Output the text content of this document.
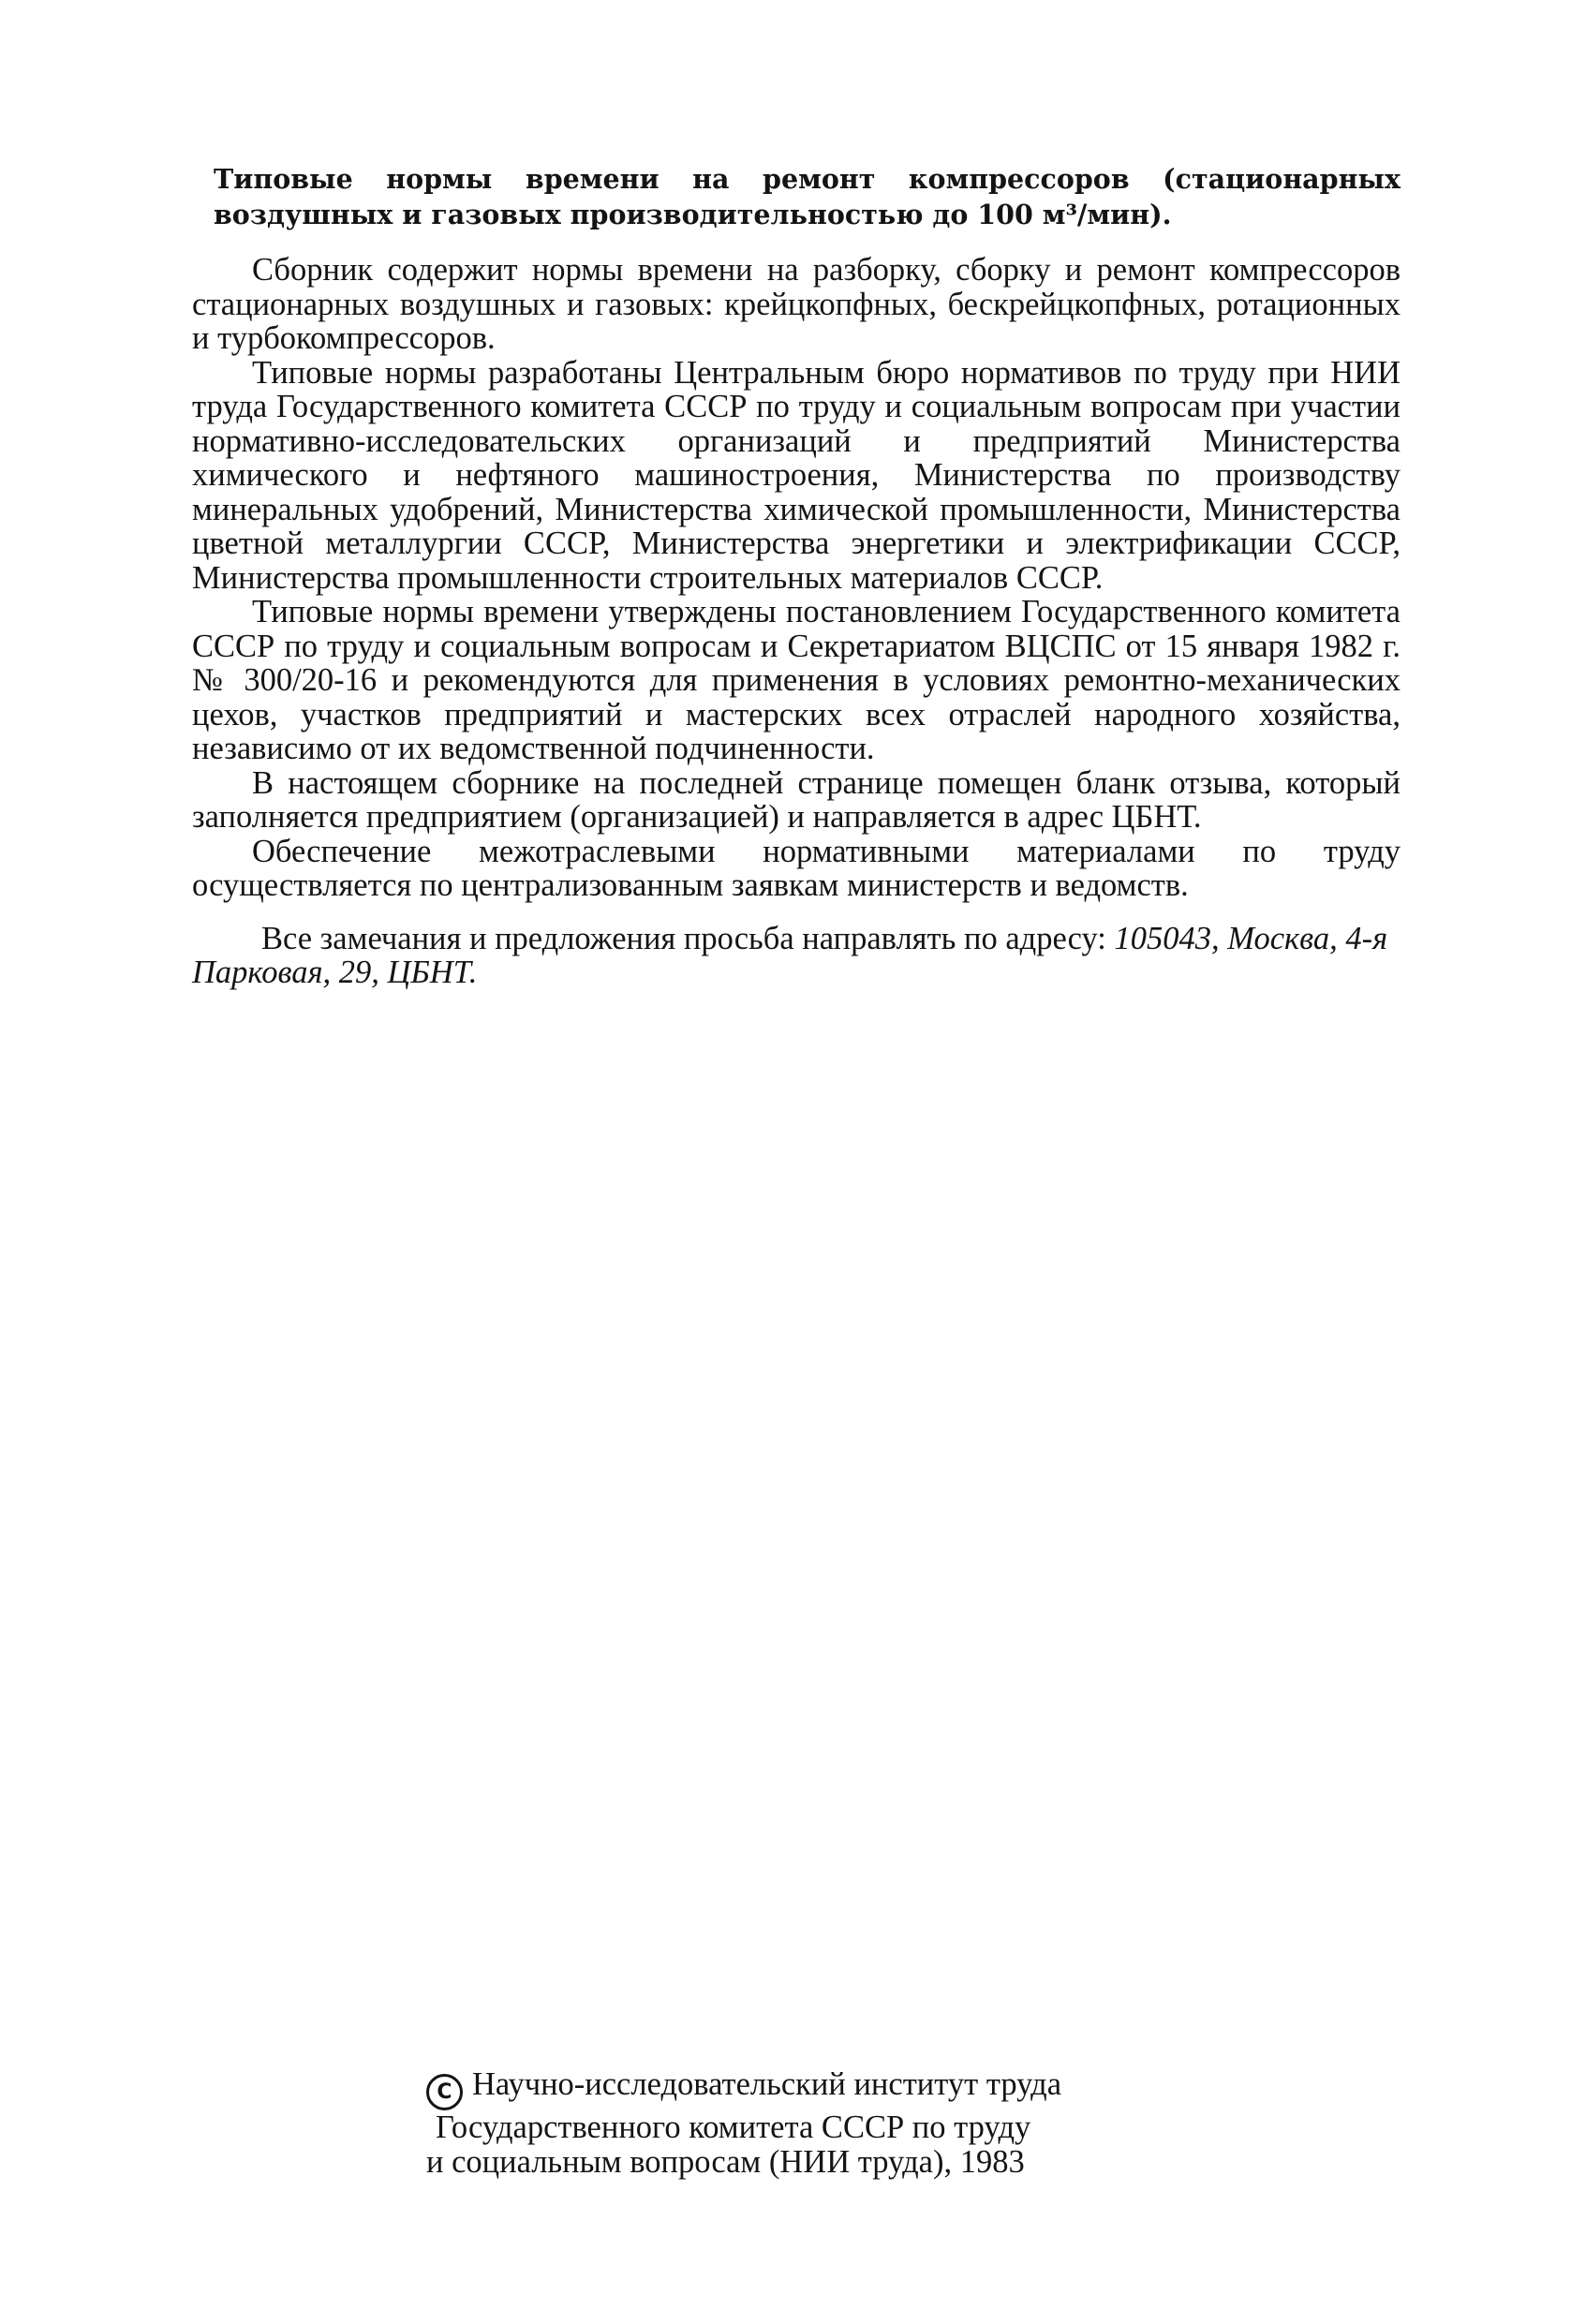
Типовые нормы времени на ремонт компрессоров (стационарных воздушных и газовых производительностью до 100 м³/мин).

Сборник содержит нормы времени на разборку, сборку и ремонт компрессоров стационарных воздушных и газовых: крейцкопфных, бескрейцкопфных, ротационных и турбокомпрессоров.

Типовые нормы разработаны Центральным бюро нормативов по труду при НИИ труда Государственного комитета СССР по труду и социальным вопросам при участии нормативно-исследовательских организаций и предприятий Министерства химического и нефтяного машиностроения, Министерства по производству минеральных удобрений, Министерства химической промышленности, Министерства цветной металлургии СССР, Министерства энергетики и электрификации СССР, Министерства промышленности строительных материалов СССР.

Типовые нормы времени утверждены постановлением Государственного комитета СССР по труду и социальным вопросам и Секретариатом ВЦСПС от 15 января 1982 г. № 300/20-16 и рекомендуются для применения в условиях ремонтно-механических цехов, участков предприятий и мастерских всех отраслей народного хозяйства, независимо от их ведомственной подчиненности.

В настоящем сборнике на последней странице помещен бланк отзыва, который заполняется предприятием (организацией) и направляется в адрес ЦБНТ.

Обеспечение межотраслевыми нормативными материалами по труду осуществляется по централизованным заявкам министерств и ведомств.

Все замечания и предложения просьба направлять по адресу: 105043, Москва, 4-я Парковая, 29, ЦБНТ.

C Научно-исследовательский институт труда
Государственного комитета СССР по труду
и социальным вопросам (НИИ труда), 1983
